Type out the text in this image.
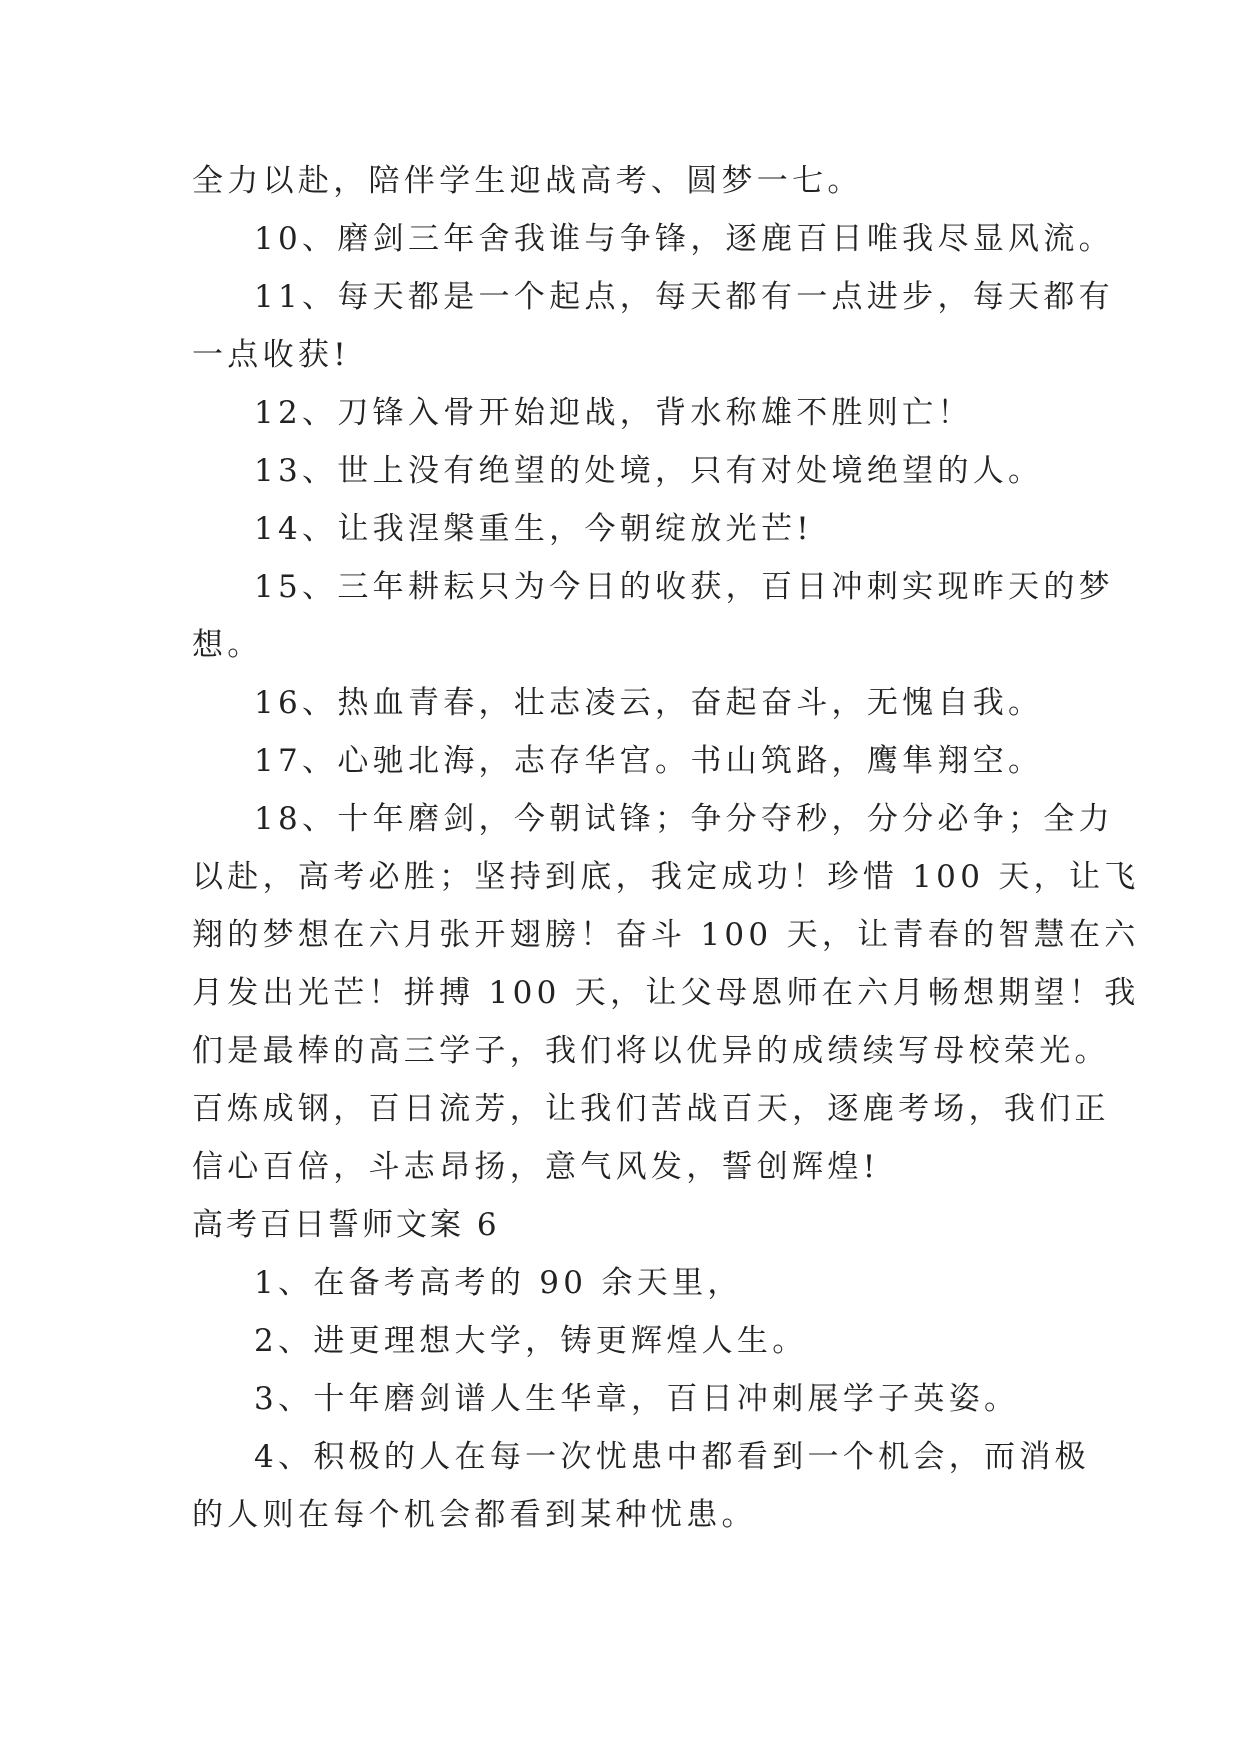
全力以赴，陪伴学生迎战高考、圆梦一七。
10、磨剑三年舍我谁与争锋，逐鹿百日唯我尽显风流。
11、每天都是一个起点，每天都有一点进步，每天都有
一点收获!
12、刀锋入骨开始迎战，背水称雄不胜则亡！
13、世上没有绝望的处境，只有对处境绝望的人。
14、让我涅槃重生，今朝绽放光芒!
15、三年耕耘只为今日的收获，百日冲刺实现昨天的梦
想。
16、热血青春，壮志凌云，奋起奋斗，无愧自我。
17、心驰北海，志存华宫。书山筑路，鹰隼翔空。
18、十年磨剑，今朝试锋；争分夺秒，分分必争；全力
以赴，高考必胜；坚持到底，我定成功！珍惜 100 天，让飞
翔的梦想在六月张开翅膀！奋斗 100 天，让青春的智慧在六
月发出光芒！拼搏 100 天，让父母恩师在六月畅想期望！我
们是最棒的高三学子，我们将以优异的成绩续写母校荣光。
百炼成钢，百日流芳，让我们苦战百天，逐鹿考场，我们正
信心百倍，斗志昂扬，意气风发，誓创辉煌!
高考百日誓师文案 6
1、在备考高考的 90 余天里，
2、进更理想大学，铸更辉煌人生。
3、十年磨剑谱人生华章，百日冲刺展学子英姿。
4、积极的人在每一次忧患中都看到一个机会，而消极
的人则在每个机会都看到某种忧患。
